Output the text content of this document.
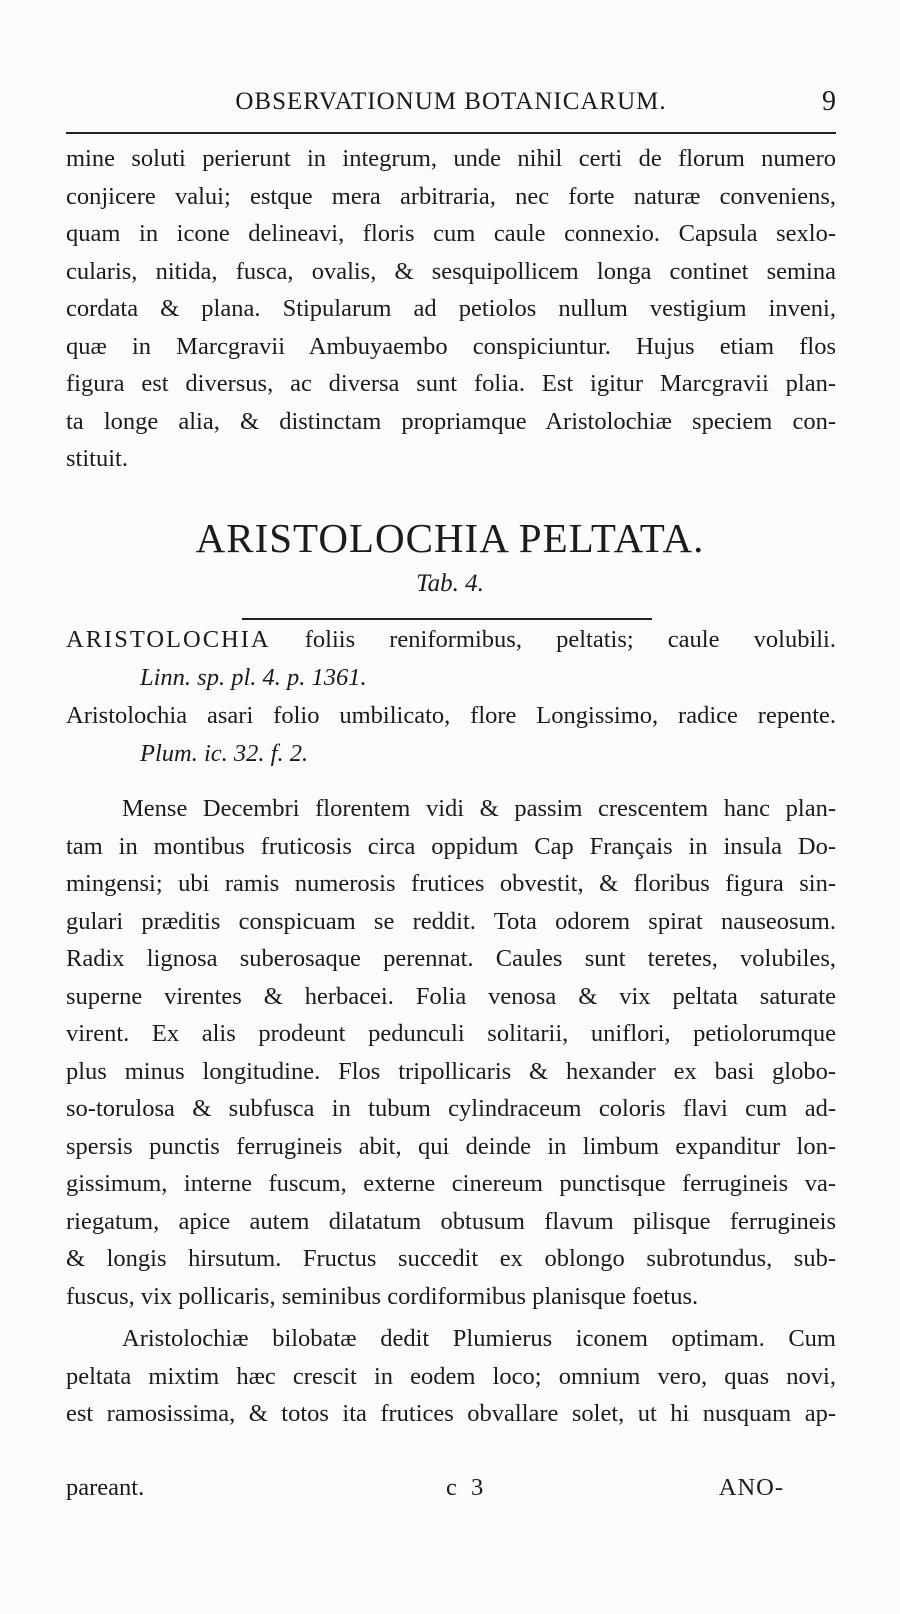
OBSERVATIONUM BOTANICARUM.	9
mine soluti perierunt in integrum, unde nihil certi de florum numero
conjicere valui; estque mera arbitraria, nec forte naturæ conveniens,
quam in icone delineavi, floris cum caule connexio. Capsula sexlo-
cularis, nitida, fusca, ovalis, & sesquipollicem longa continet semina
cordata & plana. Stipularum ad petiolos nullum vestigium inveni,
quæ in Marcgravii Ambuyaembo conspiciuntur. Hujus etiam flos
figura est diversus, ac diversa sunt folia. Est igitur Marcgravii plan-
ta longe alia, & distinctam propriamque Aristolochiæ speciem con-
stituit.
ARISTOLOCHIA PELTATA.
Tab. 4.
ARISTOLOCHIA foliis reniformibus, peltatis; caule volubili.
Linn. sp. pl. 4. p. 1361.
Aristolochia asari folio umbilicato, flore Longissimo, radice repente.
Plum. ic. 32. f. 2.
Mense Decembri florentem vidi & passim crescentem hanc plan-
tam in montibus fruticosis circa oppidum Cap Français in insula Do-
mingensi; ubi ramis numerosis frutices obvestit, & floribus figura sin-
gulari præditis conspicuam se reddit. Tota odorem spirat nauseosum.
Radix lignosa suberosaque perennat. Caules sunt teretes, volubiles,
superne virentes & herbacei. Folia venosa & vix peltata saturate
virent. Ex alis prodeunt pedunculi solitarii, uniflori, petiolorumque
plus minus longitudine. Flos tripollicaris & hexander ex basi globo-
so-torulosa & subfusca in tubum cylindraceum coloris flavi cum ad-
spersis punctis ferrugineis abit, qui deinde in limbum expanditur lon-
gissimum, interne fuscum, externe cinereum punctisque ferrugineis va-
riegatum, apice autem dilatatum obtusum flavum pilisque ferrugineis
& longis hirsutum. Fructus succedit ex oblongo subrotundus, sub-
fuscus, vix pollicaris, seminibus cordiformibus planisque foetus.
Aristolochiæ bilobatæ dedit Plumierus iconem optimam. Cum
peltata mixtim hæc crescit in eodem loco; omnium vero, quas novi,
est ramosissima, & totos ita frutices obvallare solet, ut hi nusquam ap-
pareant.	c 3	ANO-
